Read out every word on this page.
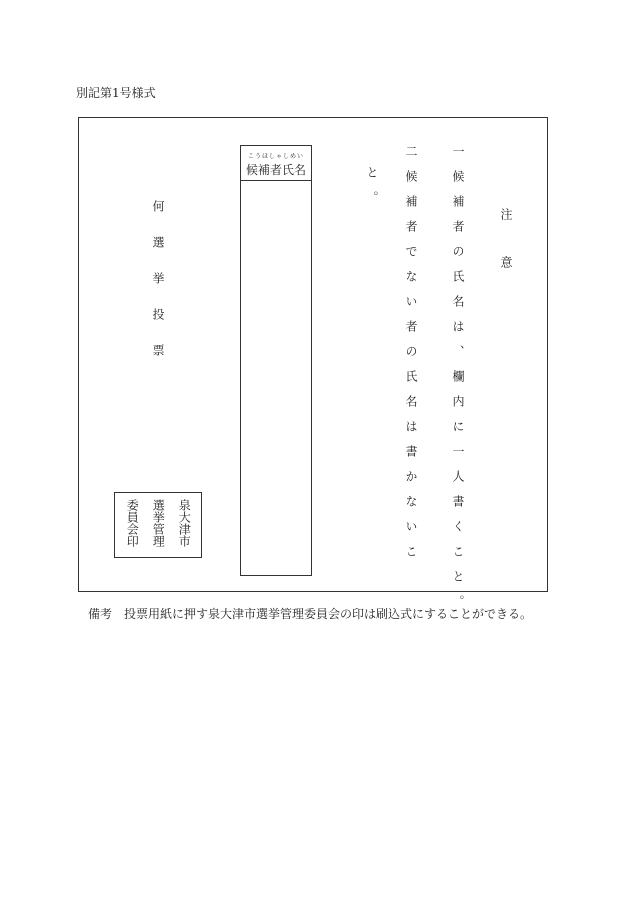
別記第1号様式
何選挙投票
泉大津市
選挙管理
委員会印
こうほしゃしめい
候補者氏名	と。 二候補者でない者の氏名は書かないこ	一候補者の氏名は、欄内に一人書くこと。	注意
備考　投票用紙に押す泉大津市選挙管理委員会の印は刷込式にすることができる。
